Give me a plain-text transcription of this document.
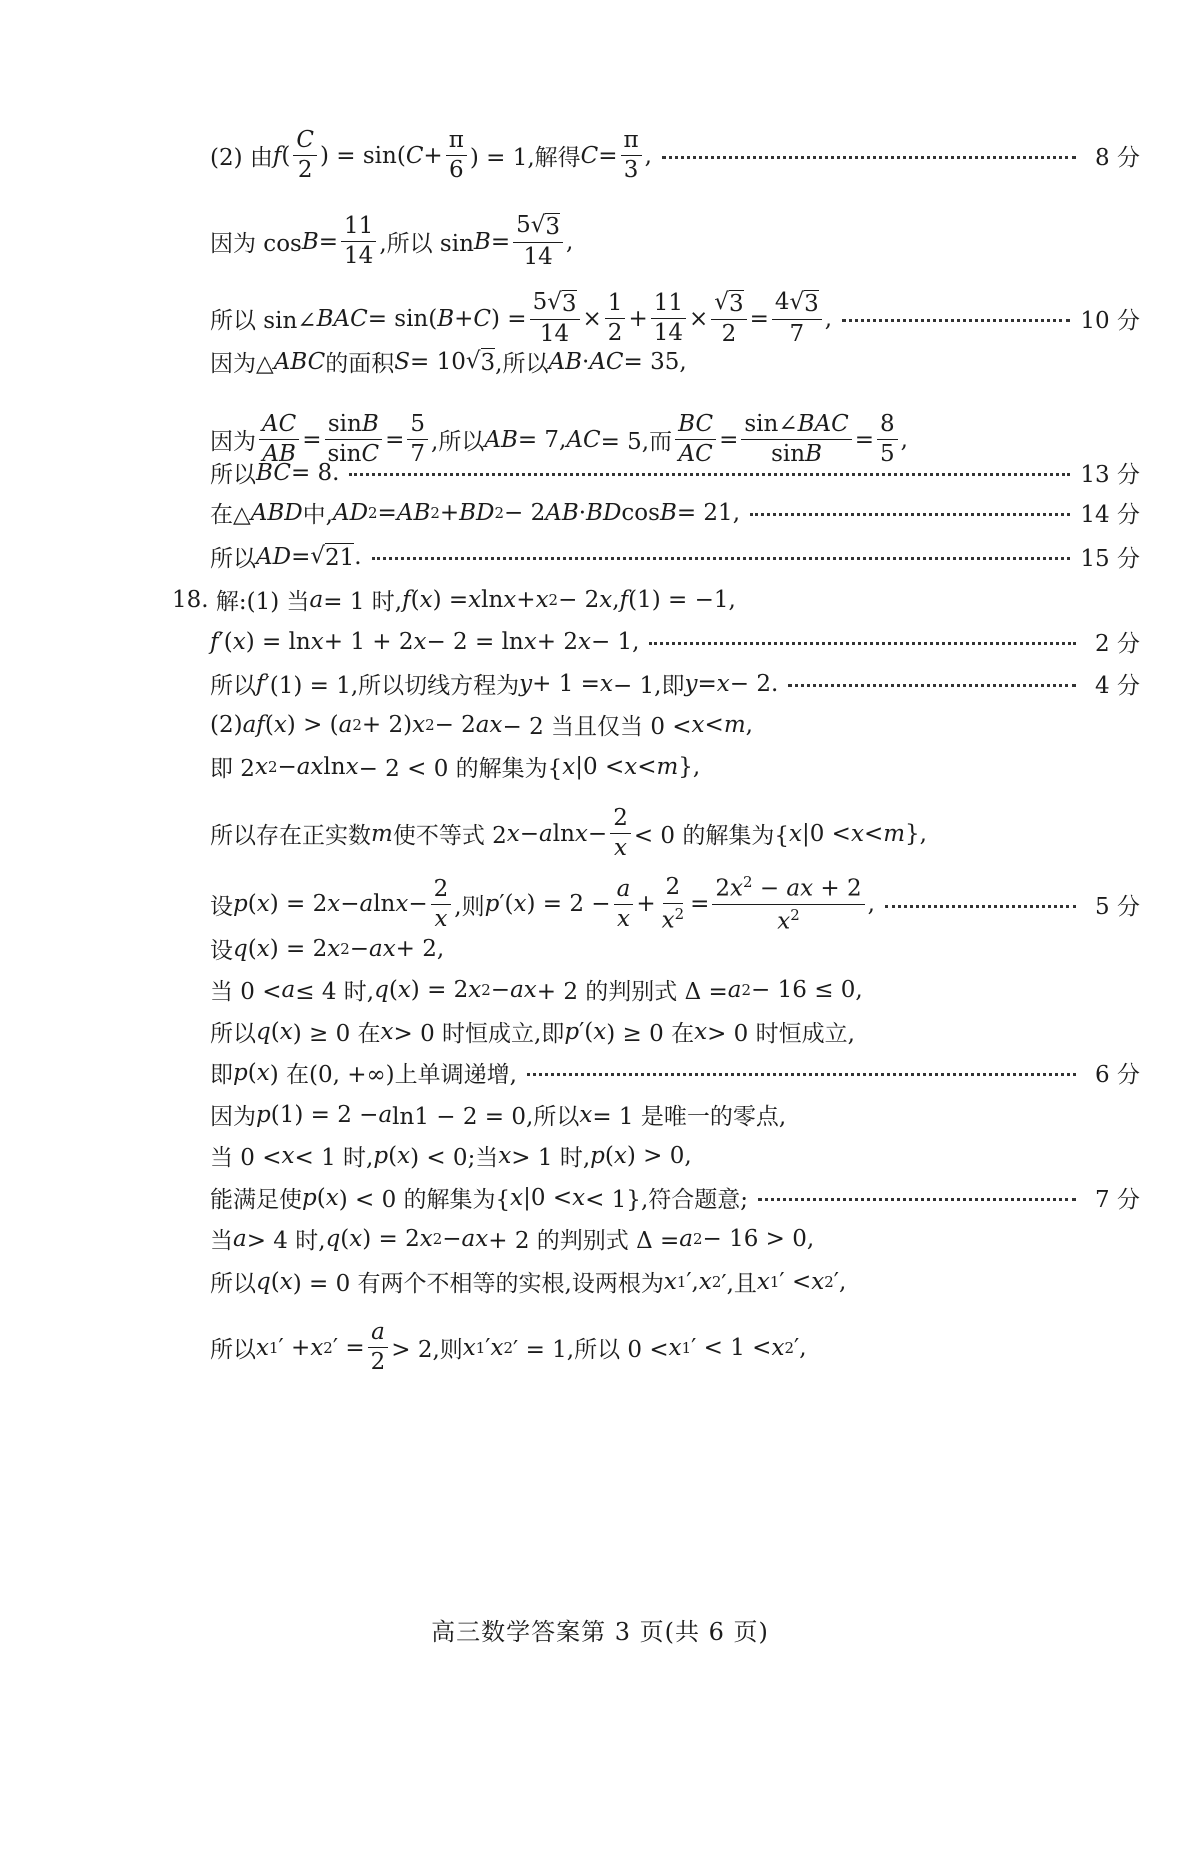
(2) 由 f ( $\frac{C}{2}$ ) = sin( $C + \frac{\pi}{6}$ ) = 1,解得 $C = \frac{\pi}{3}$ ,	8 分
因为 $\cos B = \frac{11}{14}$ ,所以 $\sin B = \frac{5√ 3}{14}$ ,
所以 sin∠ BAC = sin( B + C ) = $\frac{5√ 3}{14} \times \frac{1}{2} + \frac{11}{14} \times \frac{√ 3}{2} = \frac{4√ 3}{7}$ ,	10 分
因为△ ABC 的面积 S = 10 √ 3 ,所以 AB · AC = 35,
因为 $\frac{AC}{AB} = \frac{\sin B}{\sin C} = \frac{5}{7}$ ,所以 AB = 7, AC = 5,而 $\frac{BC}{AC} = \frac{\text{sin∠BAC}}{\sin B} = \frac{8}{5}$ ,
所以 BC = 8.	13 分
在△ ABD 中, AD 2 = AB 2 + BD 2 − 2 AB · BD cos B = 21,	14 分
所以 AD = √ 21 .	15 分
18. 解:(1) 当 a = 1 时, f ( x ) = x ln x + x 2 − 2 x , f (1) = −1,
f ′( x ) = ln x + 1 + 2 x − 2 = ln x + 2 x − 1,	2 分
所以 f ′(1) = 1,所以切线方程为 y + 1 = x − 1,即 y = x − 2.	4 分
(2) af ( x ) > ( a 2 + 2) x 2 − 2 ax − 2 当且仅当 0 < x < m ,
即 2 x 2 − ax ln x − 2 < 0 的解集为{ x |0 < x < m },
所以存在正实数 m 使不等式 2 x − a $\ln x - \frac{2}{x} < 0$ 的解集为{ x |0 < x < m },
设 p ( x ) = 2 x − a $\ln x - \frac{2}{x}$ ,则 p ′( x ) = $2 - \frac{a}{x} + \frac{2}{x^2} = \frac{2x^2 - ax + 2}{x^2}$ ,	5 分
设 q ( x ) = 2 x 2 − ax + 2,
当 0 < a ≤ 4 时, q ( x ) = 2 x 2 − ax + 2 的判别式 Δ = a 2 − 16 ≤ 0,
所以 q ( x ) ≥ 0 在 x > 0 时恒成立,即 p ′( x ) ≥ 0 在 x > 0 时恒成立,
即 p ( x ) 在(0, +∞)上单调递增,	6 分
因为 p (1) = 2 − a ln1 − 2 = 0,所以 x = 1 是唯一的零点,
当 0 < x < 1 时, p ( x ) < 0;当 x > 1 时, p ( x ) > 0,
能满足使 p ( x ) < 0 的解集为{ x |0 < x < 1},符合题意;	7 分
当 a > 4 时, q ( x ) = 2 x 2 − ax + 2 的判别式 Δ = a 2 − 16 > 0,
所以 q ( x ) = 0 有两个不相等的实根,设两根为 x 1 ′, x 2 ′,且 x 1 ′ < x 2 ′,
所以 x 1 ′ + x 2 ′ = $\frac{a}{2} > 2$,则 x 1 ′ x 2 ′ = 1,所以 0 < x 1 ′ < 1 < x 2 ′,
高三数学答案第 3 页(共 6 页)
